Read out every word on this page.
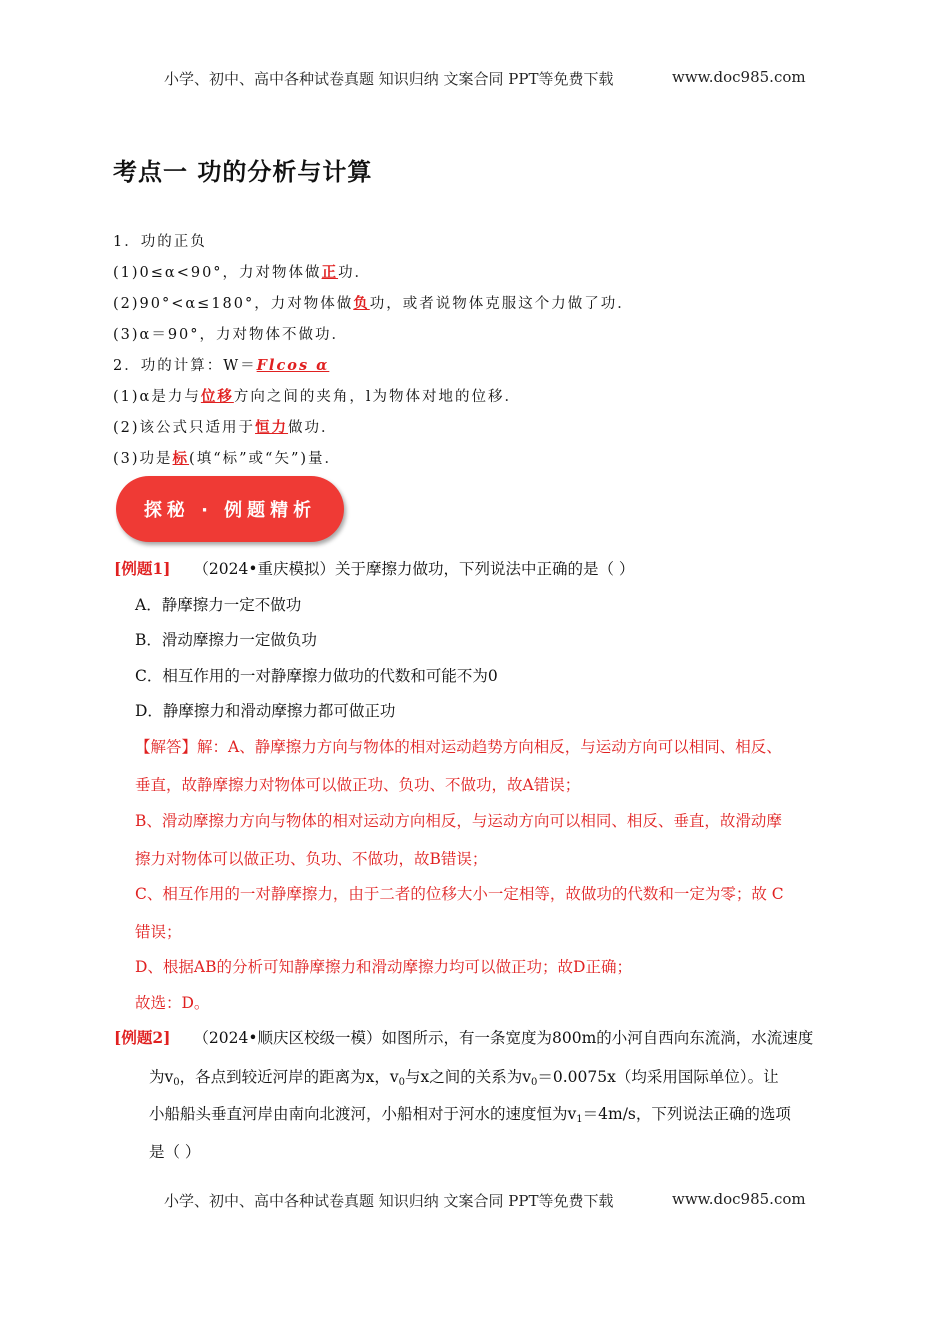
小学、初中、高中各种试卷真题 知识归纳 文案合同 PPT等免费下载	www.doc985.com
考点一 功的分析与计算
1．功的正负
(1)0≤α<90°，力对物体做正功．
(2)90°<α≤180°，力对物体做负功，或者说物体克服这个力做了功．
(3)α＝90°，力对物体不做功．
2．功的计算：W＝Flcos α
(1)α是力与位移方向之间的夹角，l为物体对地的位移．
(2)该公式只适用于恒力做功．
(3)功是标(填“标”或“矢”)量．
探秘 · 例题精析
[例题1] （2024•重庆模拟）关于摩擦力做功，下列说法中正确的是（ ）
A．静摩擦力一定不做功
B．滑动摩擦力一定做负功
C．相互作用的一对静摩擦力做功的代数和可能不为0
D．静摩擦力和滑动摩擦力都可做正功
【解答】解：A、静摩擦力方向与物体的相对运动趋势方向相反，与运动方向可以相同、相反、
垂直，故静摩擦力对物体可以做正功、负功、不做功，故A错误；
B、滑动摩擦力方向与物体的相对运动方向相反，与运动方向可以相同、相反、垂直，故滑动摩
擦力对物体可以做正功、负功、不做功，故B错误；
C、相互作用的一对静摩擦力，由于二者的位移大小一定相等，故做功的代数和一定为零；故 C
错误；
D、根据AB的分析可知静摩擦力和滑动摩擦力均可以做正功；故D正确；
故选：D。
[例题2] （2024•顺庆区校级一模）如图所示，有一条宽度为800m的小河自西向东流淌，水流速度
为$v_0$，各点到较近河岸的距离为x，$v_0$与x之间的关系为$v_0=0.0075x$（均采用国际单位）。让
小船船头垂直河岸由南向北渡河，小船相对于河水的速度恒为$v_1=4m/s$，下列说法正确的选项
是（ ）
小学、初中、高中各种试卷真题 知识归纳 文案合同 PPT等免费下载	www.doc985.com
